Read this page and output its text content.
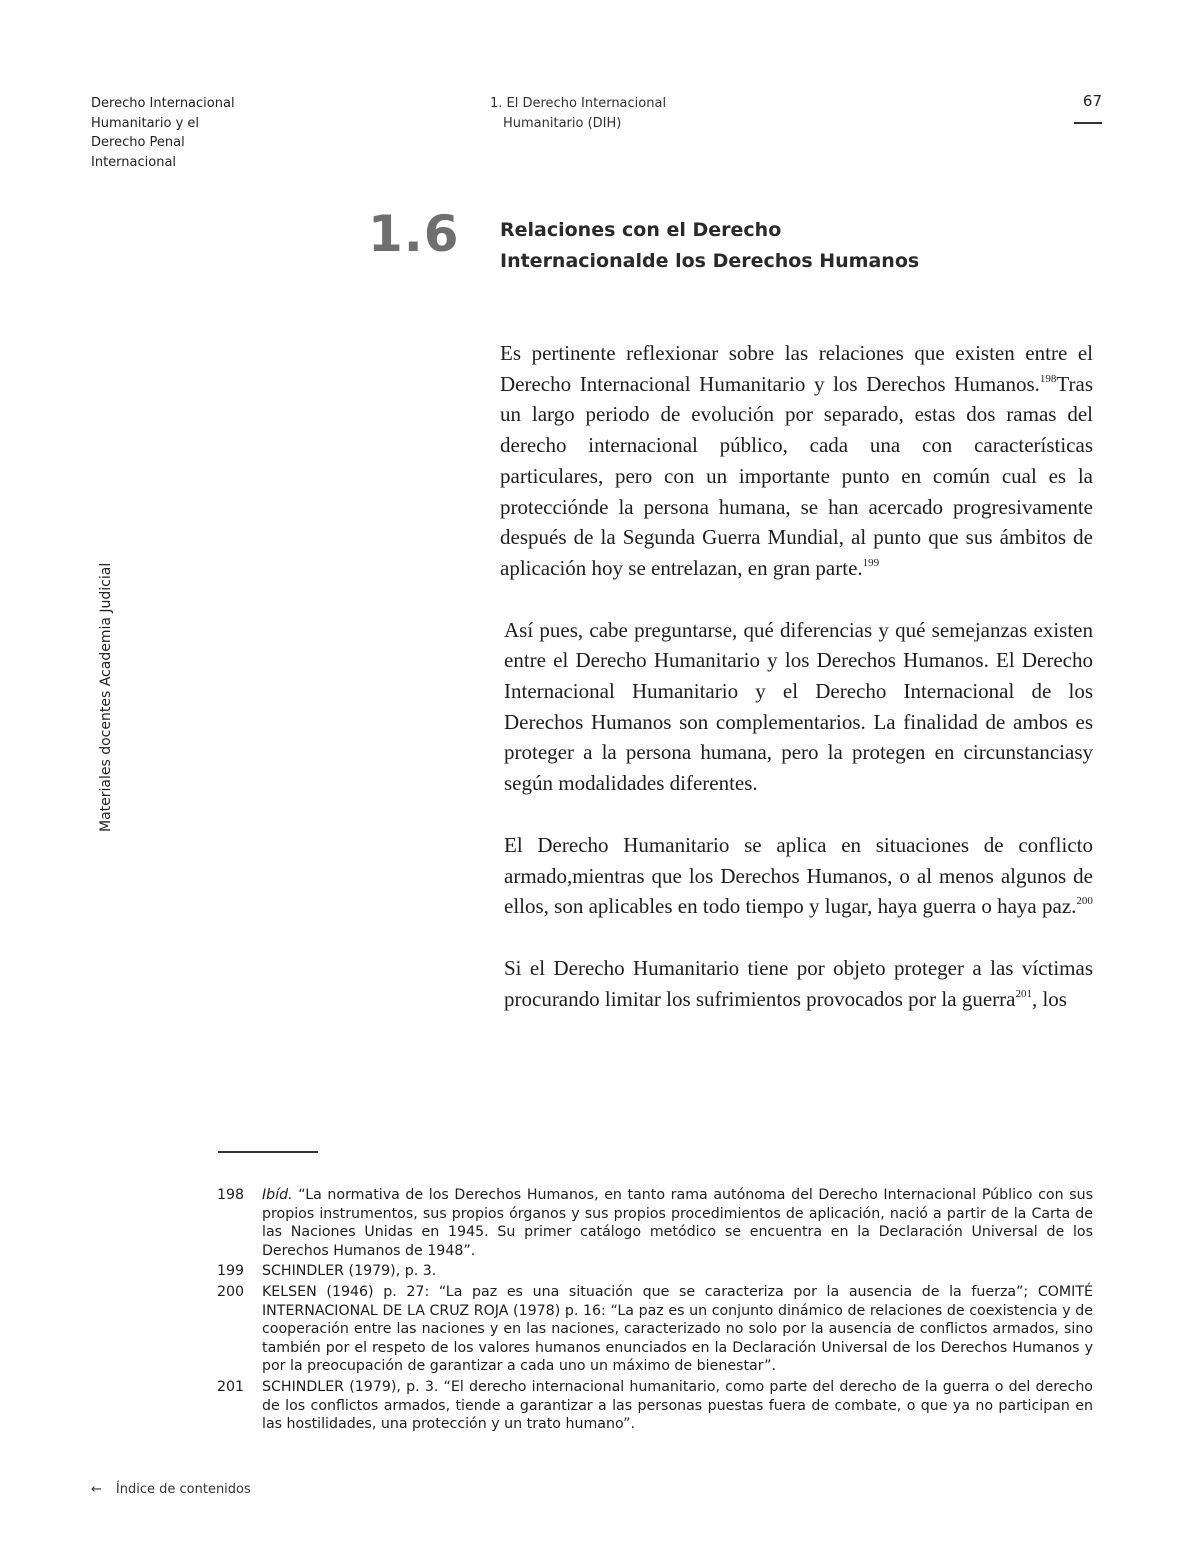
Derecho Internacional
Humanitario y el
Derecho Penal
Internacional
1. El Derecho Internacional
Humanitario (DIH)
67
Materiales docentes Academia Judicial
1.6 Relaciones con el Derecho
Internacionalde los Derechos Humanos

Es pertinente reflexionar sobre las relaciones que existen entre el Derecho Internacional Humanitario y los Derechos Humanos.$^{198}$Tras un largo periodo de evolución por separado, estas dos ramas del derecho internacional público, cada una con características particulares, pero con un importante punto en común cual es la protecciónde la persona humana, se han acercado progresivamente después de la Segunda Guerra Mundial, al punto que sus ámbitos de aplicación hoy se entrelazan, en gran parte.$^{199}$

Así pues, cabe preguntarse, qué diferencias y qué semejanzas existen entre el Derecho Humanitario y los Derechos Humanos. El Derecho Internacional Humanitario y el Derecho Internacional de los Derechos Humanos son complementarios. La finalidad de ambos es proteger a la persona humana, pero la protegen en circunstanciasy según modalidades diferentes.

El Derecho Humanitario se aplica en situaciones de conflicto armado,mientras que los Derechos Humanos, o al menos algunos de ellos, son aplicables en todo tiempo y lugar, haya guerra o haya paz.$^{200}$

Si el Derecho Humanitario tiene por objeto proteger a las víctimas procurando limitar los sufrimientos provocados por la guerra$^{201}$, los

198	Ibíd. “La normativa de los Derechos Humanos, en tanto rama autónoma del Derecho Internacional Público con sus propios instrumentos, sus propios órganos y sus propios procedimientos de aplicación, nació a partir de la Carta de las Naciones Unidas en 1945. Su primer catálogo metódico se encuentra en la Declaración Universal de los Derechos Humanos de 1948”.
199	SCHINDLER (1979), p. 3.
200	KELSEN (1946) p. 27: “La paz es una situación que se caracteriza por la ausencia de la fuerza”; COMITÉ INTERNACIONAL DE LA CRUZ ROJA (1978) p. 16: “La paz es un conjunto dinámico de relaciones de coexistencia y de cooperación entre las naciones y en las naciones, caracterizado no solo por la ausencia de conflictos armados, sino también por el respeto de los valores humanos enunciados en la Declaración Universal de los Derechos Humanos y por la preocupación de garantizar a cada uno un máximo de bienestar”.
201	SCHINDLER (1979), p. 3. “El derecho internacional humanitario, como parte del derecho de la guerra o del derecho de los conflictos armados, tiende a garantizar a las personas puestas fuera de combate, o que ya no participan en las hostilidades, una protección y un trato humano”.
← Índice de contenidos
